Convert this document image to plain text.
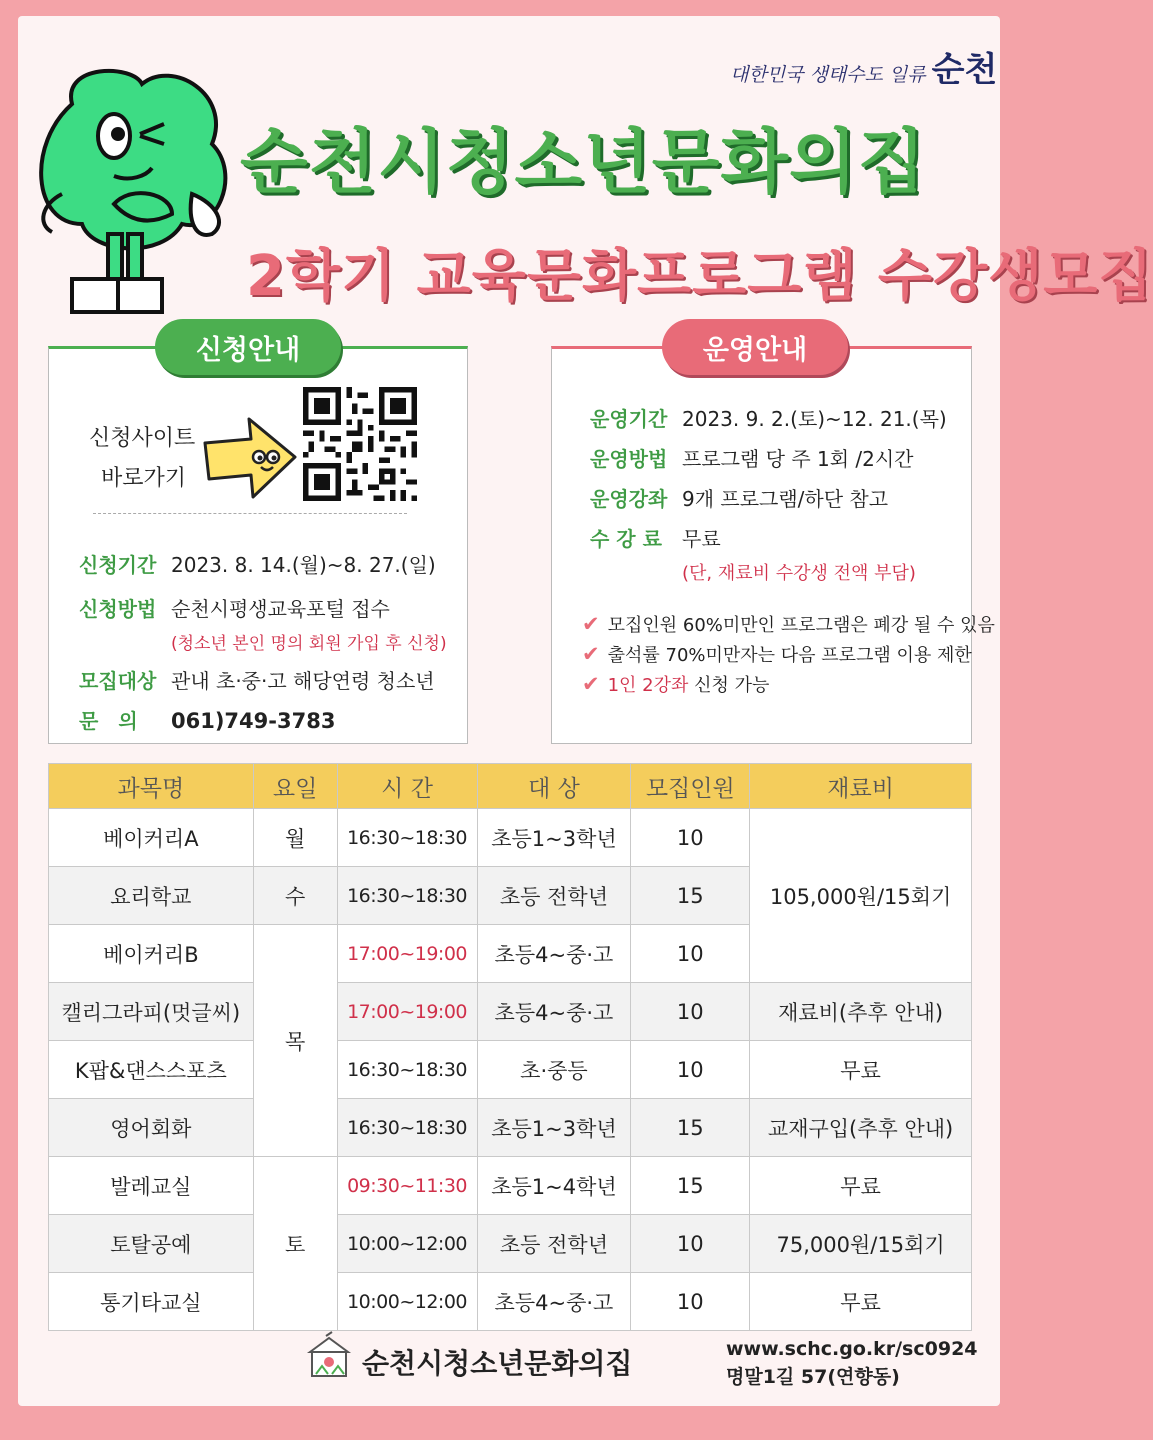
대한민국 생태수도 일류 순천
순천시청소년문화의집
2학기 교육문화프로그램 수강생모집
신청안내
신청사이트
바로가기
신청기간 2023. 8. 14.(월)~8. 27.(일)
신청방법 순천시평생교육포털 접수
(청소년 본인 명의 회원 가입 후 신청)
모집대상 관내 초·중·고 해당연령 청소년
문　의 061)749-3783
운영안내
운영기간 2023. 9. 2.(토)~12. 21.(목)
운영방법 프로그램 당 주 1회 /2시간
운영강좌 9개 프로그램/하단 참고
수 강 료 무료
(단, 재료비 수강생 전액 부담)
✔ 모집인원 60%미만인 프로그램은 폐강 될 수 있음
✔ 출석률 70%미만자는 다음 프로그램 이용 제한
✔ 1인 2강좌 신청 가능
과목명	요일	시 간	대 상	모집인원	재료비
베이커리A	월	16:30~18:30	초등1~3학년	10	105,000원/15회기
요리학교	수	16:30~18:30	초등 전학년	15	
베이커리B	목	17:00~19:00	초등4~중·고	10	
캘리그라피(멋글씨)		17:00~19:00	초등4~중·고	10	재료비(추후 안내)
K팝&댄스스포츠		16:30~18:30	초·중등	10	무료
영어회화		16:30~18:30	초등1~3학년	15	교재구입(추후 안내)
발레교실	토	09:30~11:30	초등1~4학년	15	무료
토탈공예		10:00~12:00	초등 전학년	10	75,000원/15회기
통기타교실		10:00~12:00	초등4~중·고	10	무료
순천시청소년문화의집	www.schc.go.kr/sc0924
명말1길 57(연향동)
